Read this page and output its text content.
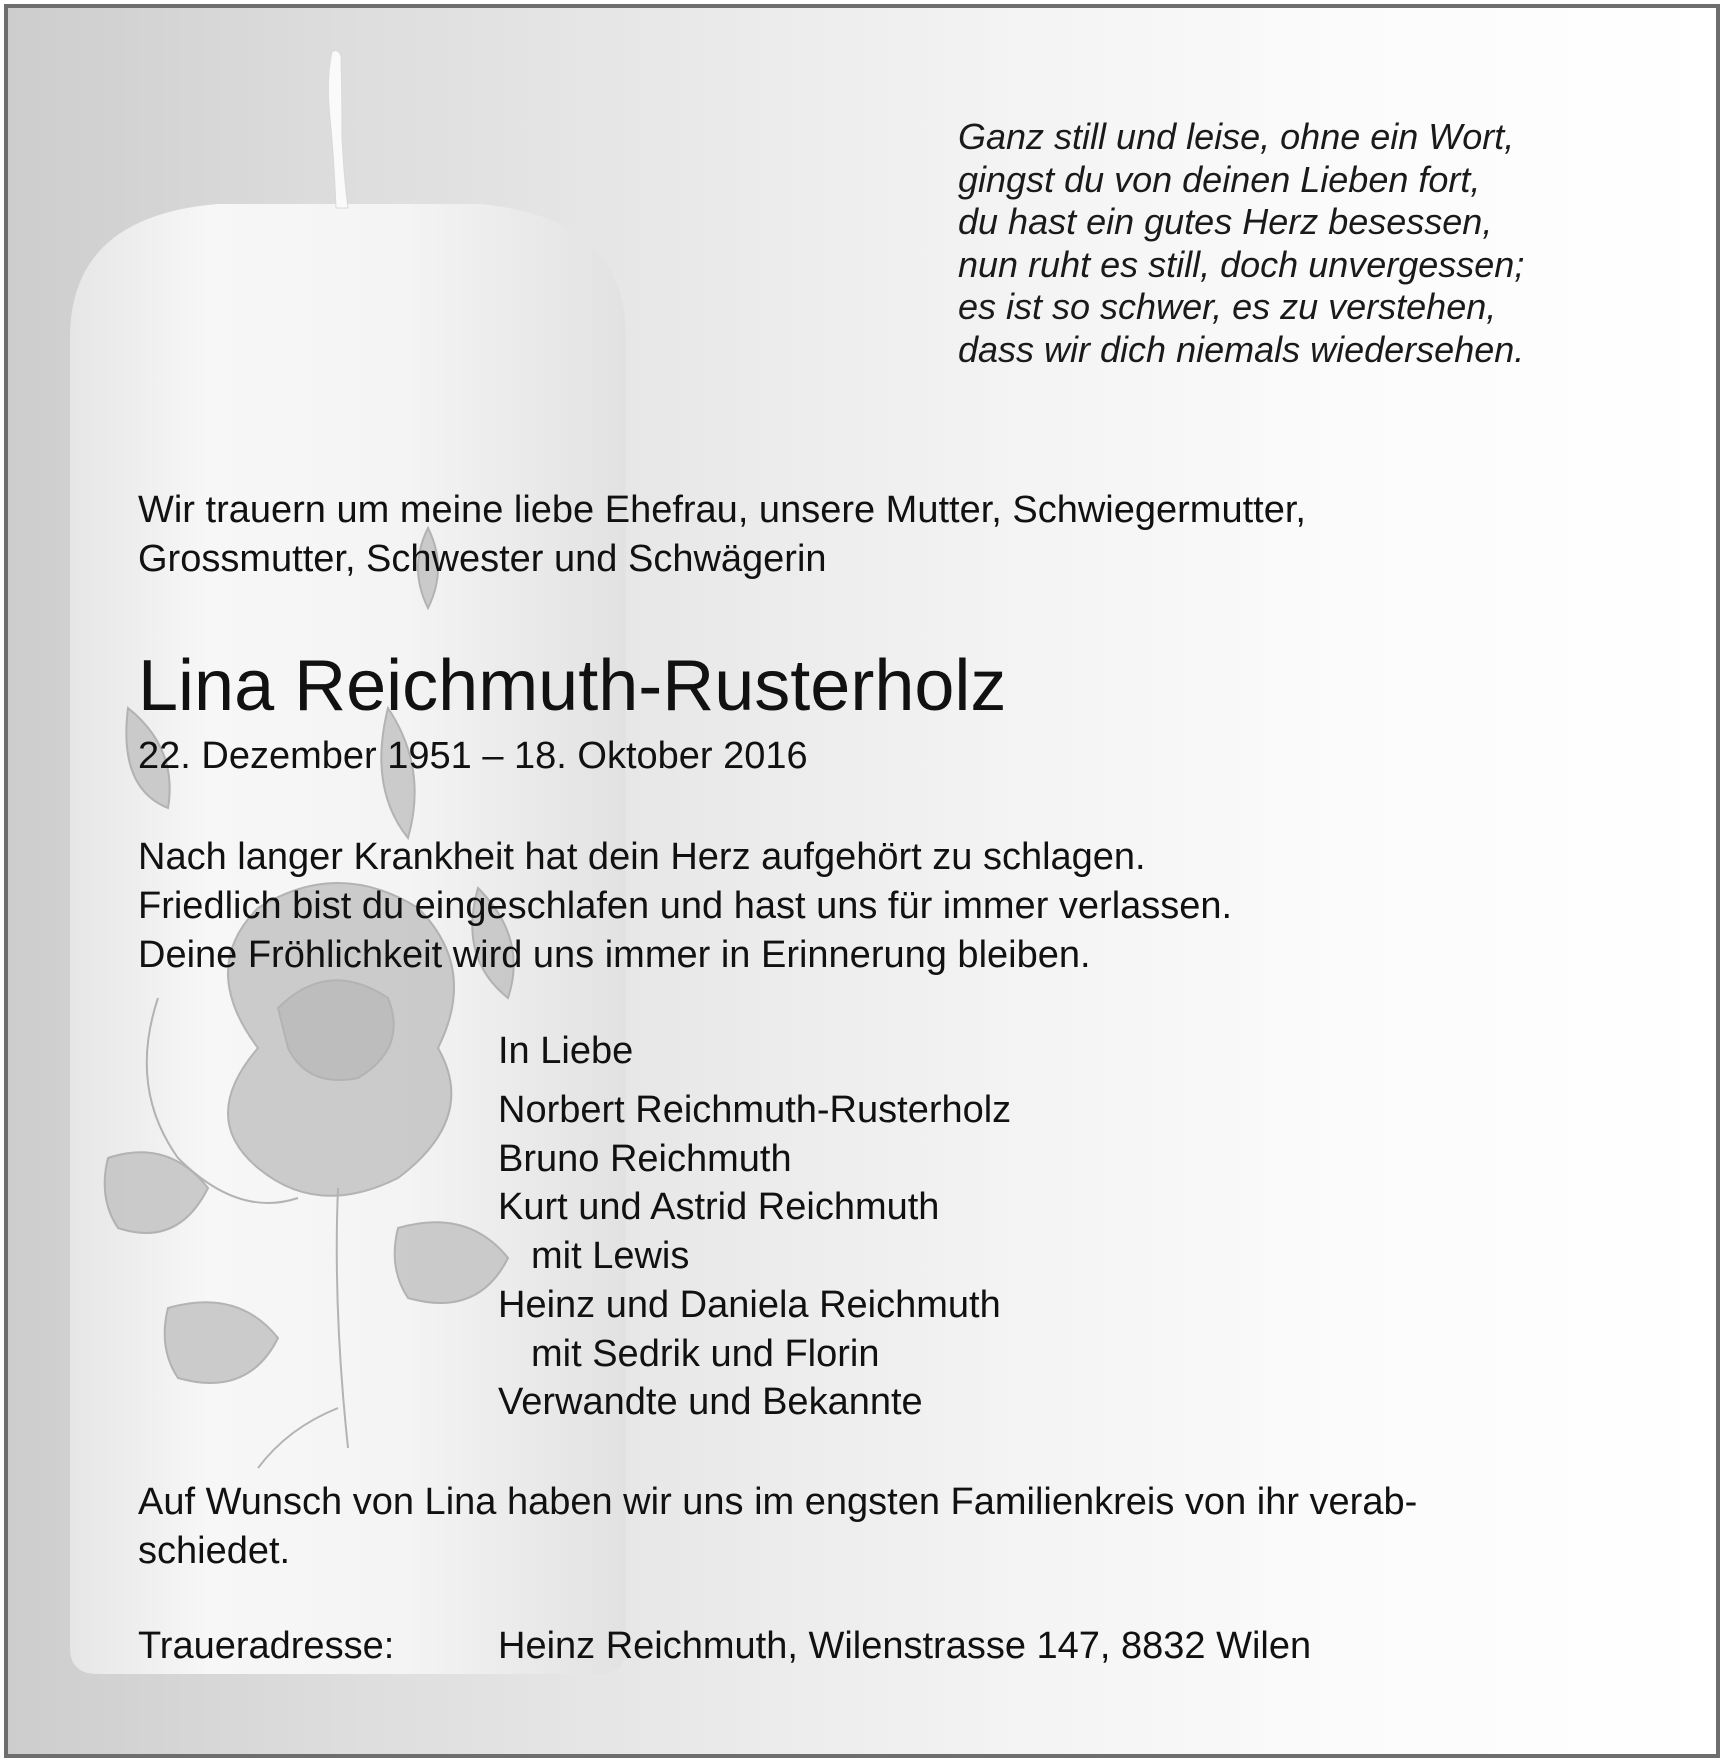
Ganz still und leise, ohne ein Wort,
gingst du von deinen Lieben fort,
du hast ein gutes Herz besessen,
nun ruht es still, doch unvergessen;
es ist so schwer, es zu verstehen,
dass wir dich niemals wiedersehen.
Wir trauern um meine liebe Ehefrau, unsere Mutter, Schwiegermutter,
Grossmutter, Schwester und Schwägerin
Lina Reichmuth-Rusterholz
22. Dezember 1951 – 18. Oktober 2016
Nach langer Krankheit hat dein Herz aufgehört zu schlagen.
Friedlich bist du eingeschlafen und hast uns für immer verlassen.
Deine Fröhlichkeit wird uns immer in Erinnerung bleiben.
In Liebe
Norbert Reichmuth-Rusterholz
Bruno Reichmuth
Kurt und Astrid Reichmuth
mit Lewis
Heinz und Daniela Reichmuth
mit Sedrik und Florin
Verwandte und Bekannte
Auf Wunsch von Lina haben wir uns im engsten Familienkreis von ihr verab-
schiedet.
Traueradresse:	Heinz Reichmuth, Wilenstrasse 147, 8832 Wilen
